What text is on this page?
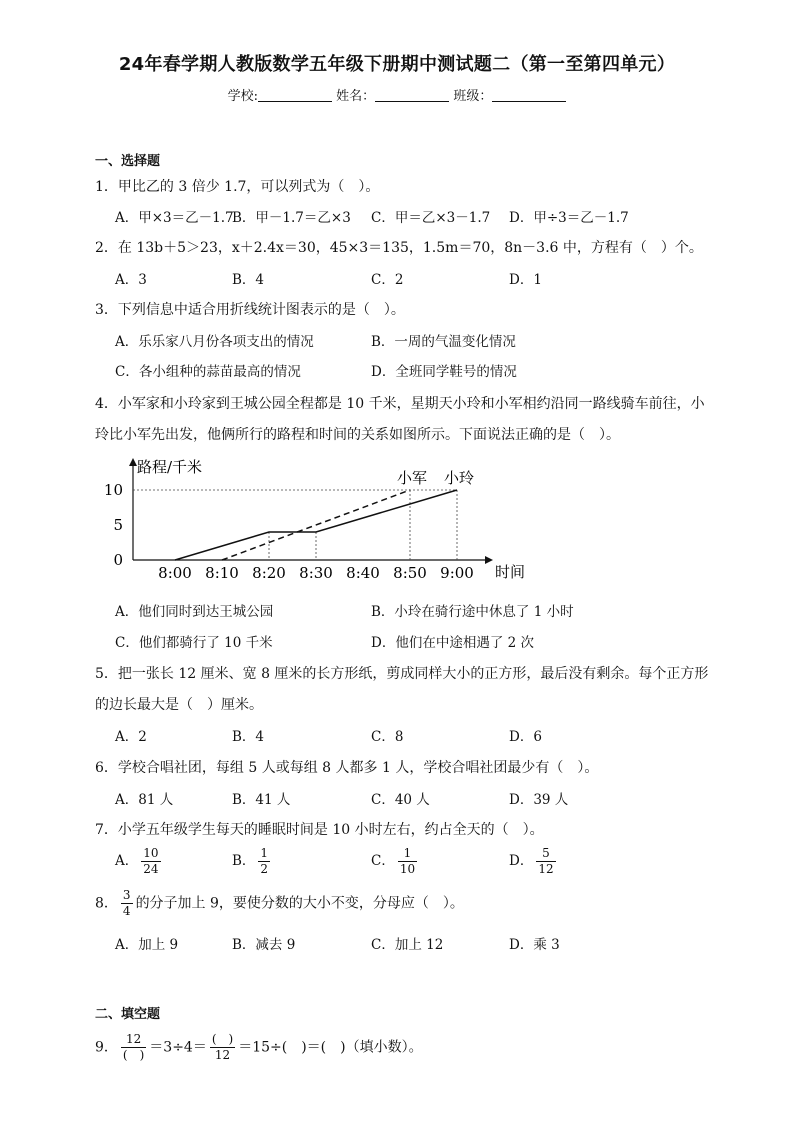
24年春学期人教版数学五年级下册期中测试题二（第一至第四单元）
学校:	姓名：	班级：
一、选择题
1．甲比乙的 3 倍少 1.7，可以列式为（　）。
A．甲×3＝乙－1.7
B．甲－1.7＝乙×3 C．甲＝乙×3－1.7 D．甲÷3＝乙－1.7
2．在 13b＋5＞23，x＋2.4x＝30，45×3＝135，1.5m＝70，8n－3.6 中，方程有（　）个。
A．3	B．4	C．2	D．1
3．下列信息中适合用折线统计图表示的是（　）。
A．乐乐家八月份各项支出的情况	B．一周的气温变化情况
C．各小组种的蒜苗最高的情况	D．全班同学鞋号的情况
4．小军家和小玲家到王城公园全程都是 10 千米，星期天小玲和小军相约沿同一路线骑车前往，小
玲比小军先出发，他俩所行的路程和时间的关系如图所示。下面说法正确的是（　）。
路程/千米
时间
0
5
10
8:00 8:10 8:20 8:30 8:40 8:50 9:00
小军 小玲
A．他们同时到达王城公园	B．小玲在骑行途中休息了 1 小时
C．他们都骑行了 10 千米	D．他们在中途相遇了 2 次
5．把一张长 12 厘米、宽 8 厘米的长方形纸，剪成同样大小的正方形，最后没有剩余。每个正方形
的边长最大是（　）厘米。
A．2	B．4	C．8	D．6
6．学校合唱社团，每组 5 人或每组 8 人都多 1 人，学校合唱社团最少有（　）。
A．81 人	B．41 人	C．40 人	D．39 人
7．小学五年级学生每天的睡眠时间是 10 小时左右，约占全天的（　）。
A． $\frac{10}{24}$	B． $\frac{1}{2}$	C． $\frac{1}{10}$	D． $\frac{5}{12}$
8． $\frac{3}{4}$ 的分子加上 9，要使分数的大小不变，分母应（　）。
A．加上 9	B．减去 9	C．加上 12	D．乘 3
二、填空题
9． $\frac{12}{( )} =3\div 4= \frac{( )}{12} =15\div$(　)＝(　)（填小数）。
